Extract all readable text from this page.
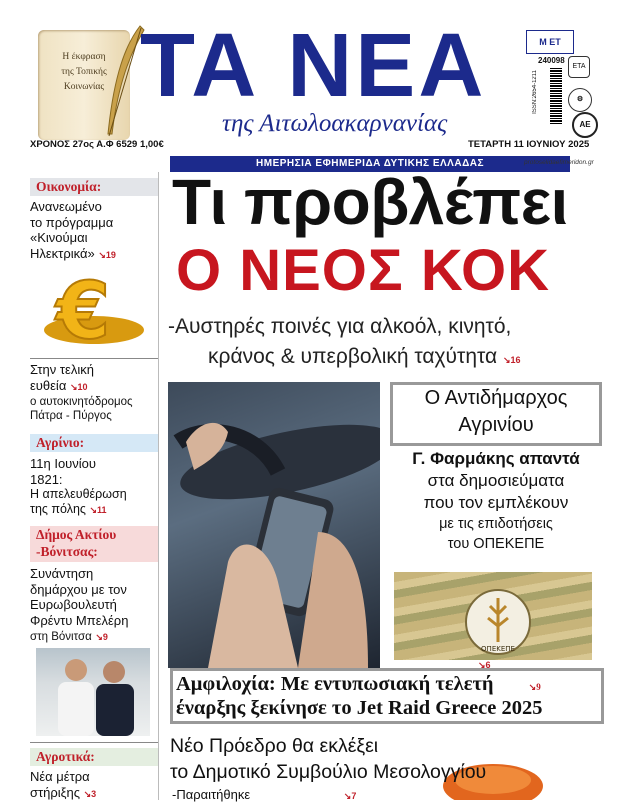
Η έκφραση
της Τοπικής
Κοινωνίας ΤΑ ΝΕΑ
της Αιτωλοακαρνανίας
Μ ΕΤ
240098
ISSN:2654-1211
ΕΤΑ
⚙
ΑΕ
ΧΡΟΝΟΣ 27ος Α.Φ 6529 1,00€	ΤΕΤΑΡΤΗ 11 ΙΟΥΝΙΟΥ 2025
ΗΜΕΡΗΣΙΑ ΕΦΗΜΕΡΙΔΑ ΔΥΤΙΚΗΣ ΕΛΛΑΔΑΣ	protoselidaefimeridon.gr
Οικονομία:
Ανανεωμένο
το πρόγραμμα
«Κινούμαι
Ηλεκτρικά» ↘19
€
Στην τελική
ευθεία ↘10
ο αυτοκινητόδρομος
Πάτρα - Πύργος
Αγρίνιο:
11η Ιουνίου
1821:
Η απελευθέρωση
της πόλης ↘11
Δήμος Ακτίου
-Βόνιτσας:
Συνάντηση
δημάρχου με τον
Ευρωβουλευτή
Φρέντυ Μπελέρη
στη Βόνιτσα ↘9
Αγροτικά:
Νέα μέτρα
στήριξης ↘3
Τι προβλέπει
Ο ΝΕΟΣ ΚΟΚ
-Αυστηρές ποινές για αλκοόλ, κινητό,
κράνος & υπερβολική ταχύτητα ↘16
Ο Αντιδήμαρχος
Αγρινίου
Γ. Φαρμάκης απαντά
στα δημοσιεύματα
που τον εμπλέκουν
με τις επιδοτήσεις
του ΟΠΕΚΕΠΕ
ΟΠΕΚΕΠΕ
↘6
Αμφιλοχία: Με εντυπωσιακή τελετή	↘9
έναρξης ξεκίνησε το Jet Raid Greece 2025
Νέο Πρόεδρο θα εκλέξει
το Δημοτικό Συμβούλιο Μεσολογγίου
-Παραιτήθηκε	↘7
